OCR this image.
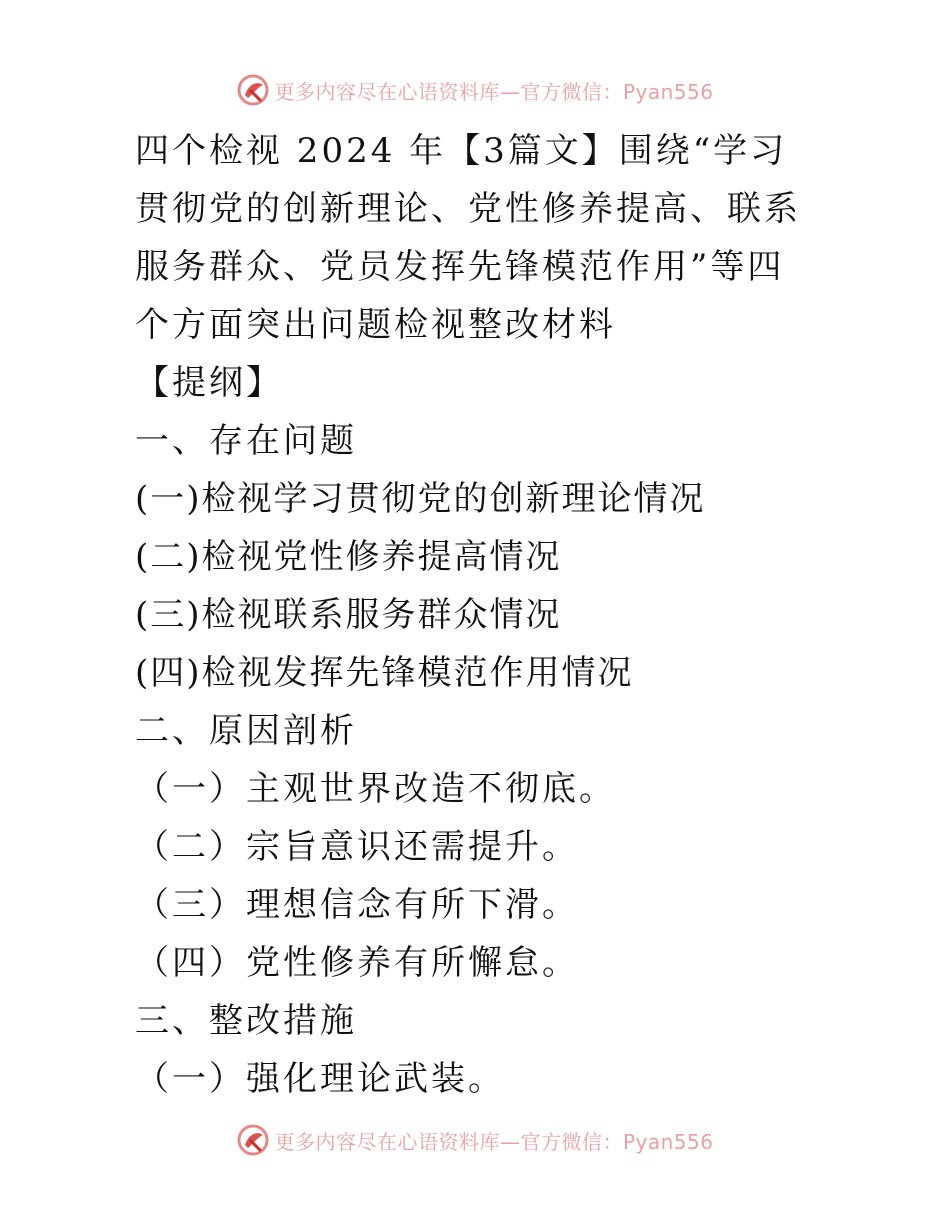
更多内容尽在心语资料库—官方微信：Pyan556

四个检视 2024 年【3篇文】围绕“学习贯彻党的创新理论、党性修养提高、联系服务群众、党员发挥先锋模范作用”等四个方面突出问题检视整改材料

【提纲】
一、存在问题
(一)检视学习贯彻党的创新理论情况
(二)检视党性修养提高情况
(三)检视联系服务群众情况
(四)检视发挥先锋模范作用情况
二、原因剖析
（一）主观世界改造不彻底。
（二）宗旨意识还需提升。
（三）理想信念有所下滑。
（四）党性修养有所懈怠。
三、整改措施
（一）强化理论武装。
更多内容尽在心语资料库—官方微信：Pyan556
